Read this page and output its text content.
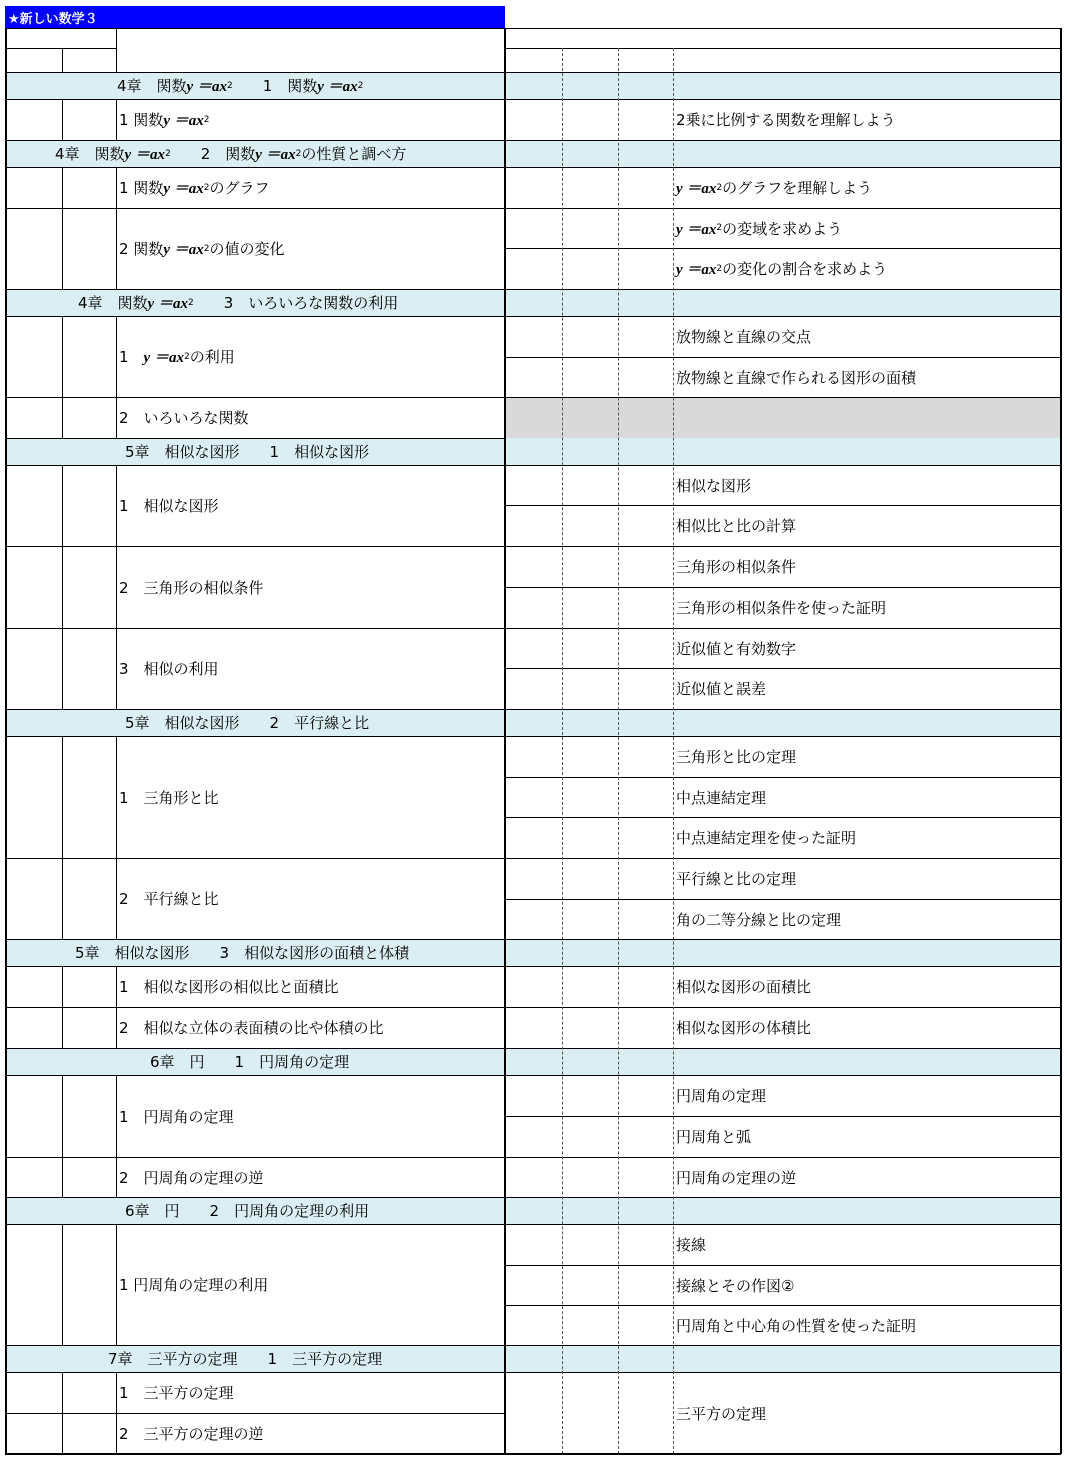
★新しい数学３
4章　関数 y ＝ax 2 　　1　関数 y ＝ax 2
4章　関数 y ＝ax 2 　　2　関数 y ＝ax 2 の性質と調べ方
4章　関数 y ＝ax 2 　　3　いろいろな関数の利用
5章　相似な図形　　1　相似な図形
5章　相似な図形　　2　平行線と比
5章　相似な図形　　3　相似な図形の面積と体積
6章　円　　1　円周角の定理
6章　円　　2　円周角の定理の利用
7章　三平方の定理　　1　三平方の定理
1 関数 y ＝ax 2
1 関数 y ＝ax 2 のグラフ
2 関数 y ＝ax 2 の値の変化
1　 y ＝ax 2 の利用
2　いろいろな関数
1　相似な図形
2　三角形の相似条件
3　相似の利用
1　三角形と比
2　平行線と比
1　相似な図形の相似比と面積比
2　相似な立体の表面積の比や体積の比
1　円周角の定理
2　円周角の定理の逆
1 円周角の定理の利用
1　三平方の定理
2　三平方の定理の逆
2乗に比例する関数を理解しよう
y ＝ax 2 のグラフを理解しよう
y ＝ax 2 の変域を求めよう
y ＝ax 2 の変化の割合を求めよう
放物線と直線の交点
放物線と直線で作られる図形の面積
相似な図形
相似比と比の計算
三角形の相似条件
三角形の相似条件を使った証明
近似値と有効数字
近似値と誤差
三角形と比の定理
中点連結定理
中点連結定理を使った証明
平行線と比の定理
角の二等分線と比の定理
相似な図形の面積比
相似な図形の体積比
円周角の定理
円周角と弧
円周角の定理の逆
接線
接線とその作図②
円周角と中心角の性質を使った証明
三平方の定理
